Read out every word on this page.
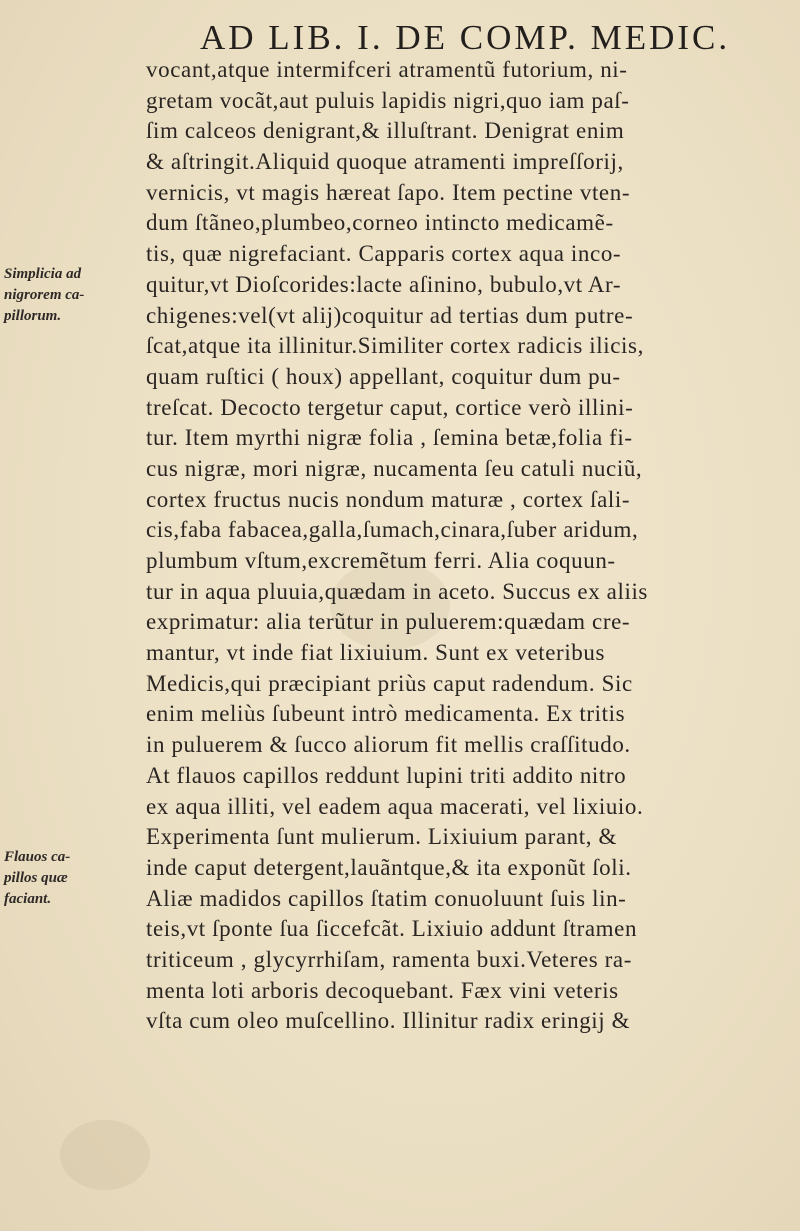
AD LIB. I. DE COMP. MEDIC.
Simplicia ad
nigrorem ca-
pillorum.
Flauos ca-
pillos quæ
faciant.
vocant,atque intermifceri atramentũ futorium, ni-
gretam vocãt,aut puluis lapidis nigri,quo iam paſ-
ſim calceos denigrant,& illuſtrant. Denigrat enim
& aſtringit.Aliquid quoque atramenti impreſſorij,
vernicis, vt magis hæreat ſapo. Item pectine vten-
dum ſtãneo,plumbeo,corneo intincto medicamẽ-
tis, quæ nigrefaciant. Capparis cortex aqua inco-
quitur,vt Dioſcorides:lacte aſinino, bubulo,vt Ar-
chigenes:vel(vt alij)coquitur ad tertias dum putre-
ſcat,atque ita illinitur.Similiter cortex radicis ilicis,
quam ruſtici ( houx) appellant, coquitur dum pu-
treſcat. Decocto tergetur caput, cortice verò illini-
tur. Item myrthi nigræ folia , ſemina betæ,folia fi-
cus nigræ, mori nigræ, nucamenta ſeu catuli nuciũ,
cortex fructus nucis nondum maturæ , cortex ſali-
cis,faba fabacea,galla,ſumach,cinara,ſuber aridum,
plumbum vſtum,excremẽtum ferri. Alia coquun-
tur in aqua pluuia,quædam in aceto. Succus ex aliis
exprimatur: alia terũtur in puluerem:quædam cre-
mantur, vt inde fiat lixiuium. Sunt ex veteribus
Medicis,qui præcipiant priùs caput radendum. Sic
enim meliùs ſubeunt intrò medicamenta. Ex tritis
in puluerem & ſucco aliorum fit mellis craſſitudo.
At flauos capillos reddunt lupini triti addito nitro
ex aqua illiti, vel eadem aqua macerati, vel lixiuio.
Experimenta ſunt mulierum. Lixiuium parant, &
inde caput detergent,lauãntque,& ita exponũt ſoli.
Aliæ madidos capillos ſtatim conuoluunt ſuis lin-
teis,vt ſponte ſua ſiccefcãt. Lixiuio addunt ſtramen
triticeum , glycyrrhiſam, ramenta buxi.Veteres ra-
menta loti arboris decoquebant. Fæx vini veteris
vſta cum oleo muſcellino. Illinitur radix eringij &
